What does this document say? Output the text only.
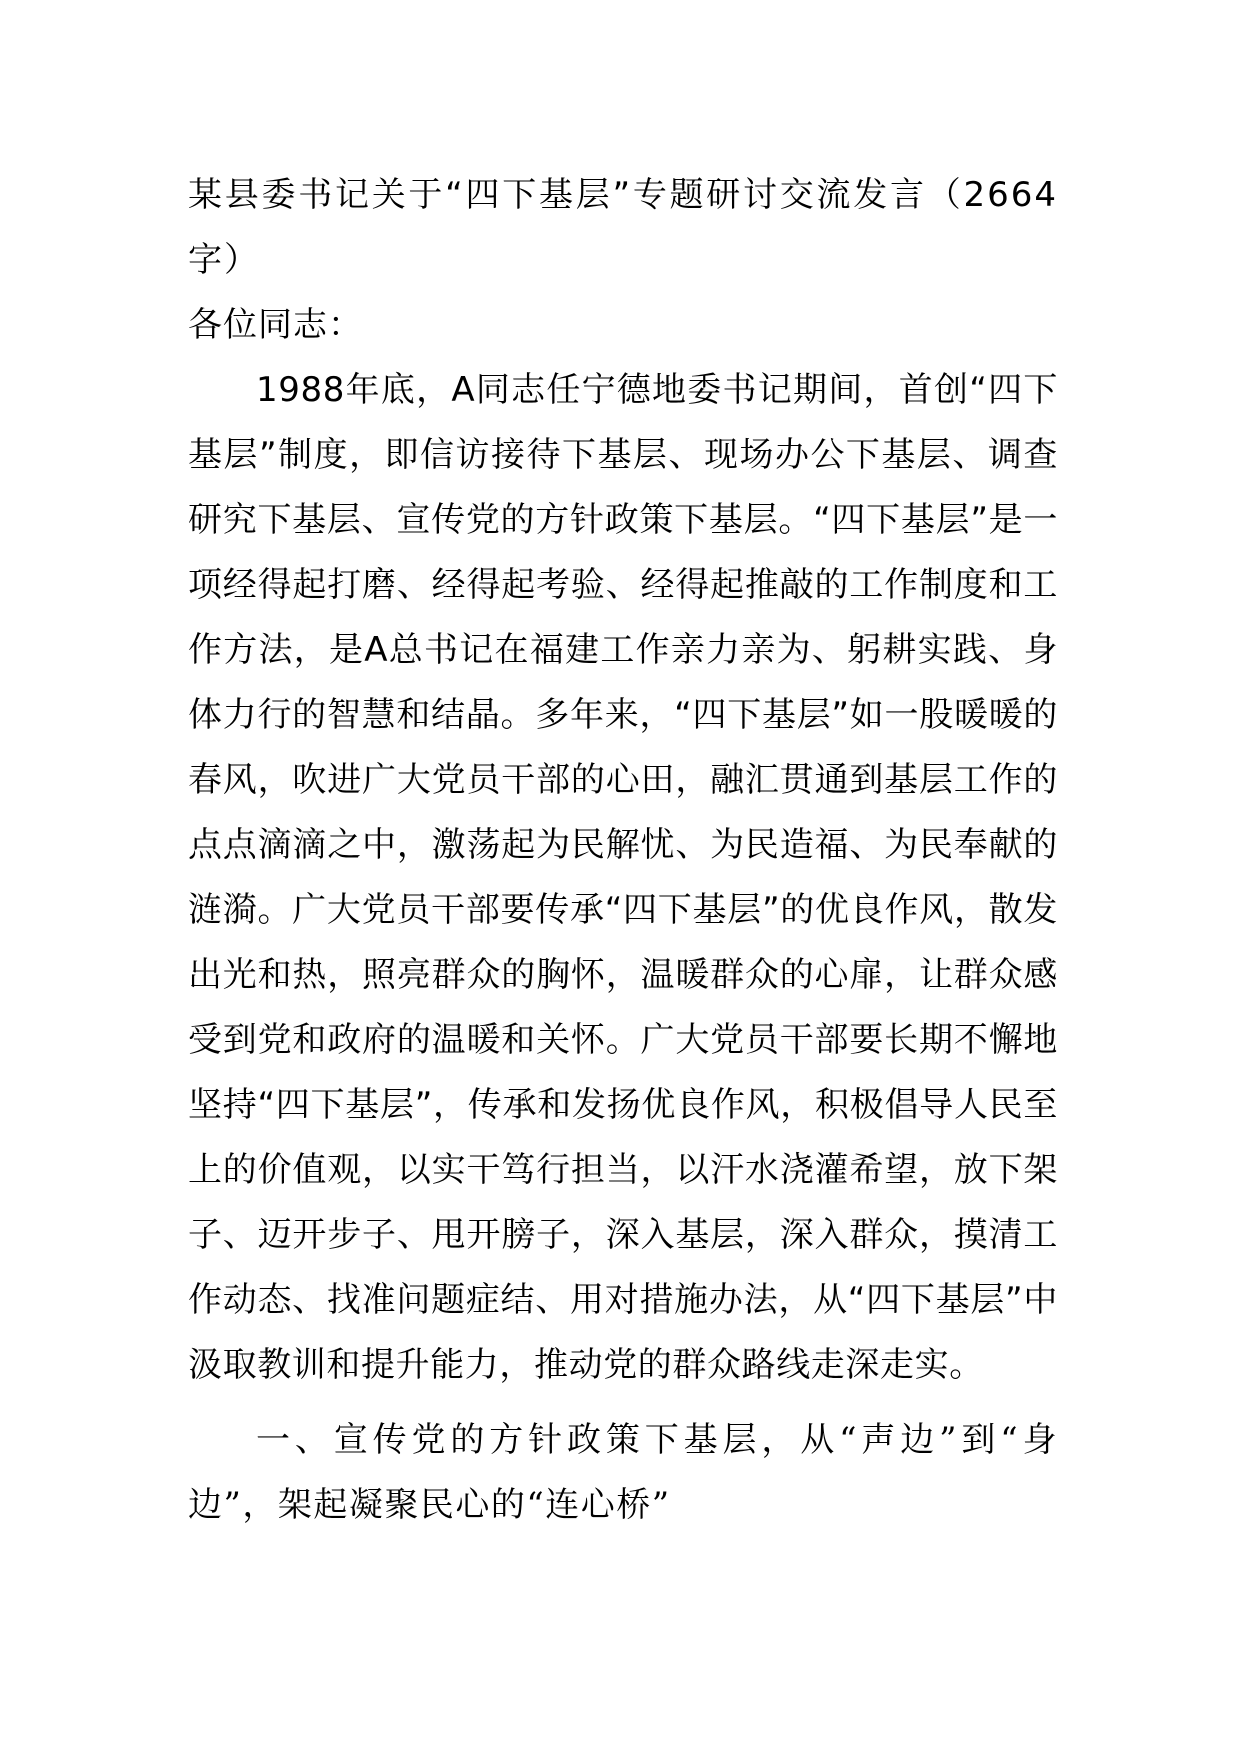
某县委书记关于“四下基层”专题研讨交流发言（2664字）

各位同志：

1988年底，A同志任宁德地委书记期间，首创“四下基层”制度，即信访接待下基层、现场办公下基层、调查研究下基层、宣传党的方针政策下基层。“四下基层”是一项经得起打磨、经得起考验、经得起推敲的工作制度和工作方法，是A总书记在福建工作亲力亲为、躬耕实践、身体力行的智慧和结晶。多年来，“四下基层”如一股暖暖的春风，吹进广大党员干部的心田，融汇贯通到基层工作的点点滴滴之中，激荡起为民解忧、为民造福、为民奉献的涟漪。广大党员干部要传承“四下基层”的优良作风，散发出光和热，照亮群众的胸怀，温暖群众的心扉，让群众感受到党和政府的温暖和关怀。广大党员干部要长期不懈地坚持“四下基层”，传承和发扬优良作风，积极倡导人民至上的价值观，以实干笃行担当，以汗水浇灌希望，放下架子、迈开步子、甩开膀子，深入基层，深入群众，摸清工作动态、找准问题症结、用对措施办法，从“四下基层”中汲取教训和提升能力，推动党的群众路线走深走实。

一、宣传党的方针政策下基层，从“声边”到“身边”，架起凝聚民心的“连心桥”
